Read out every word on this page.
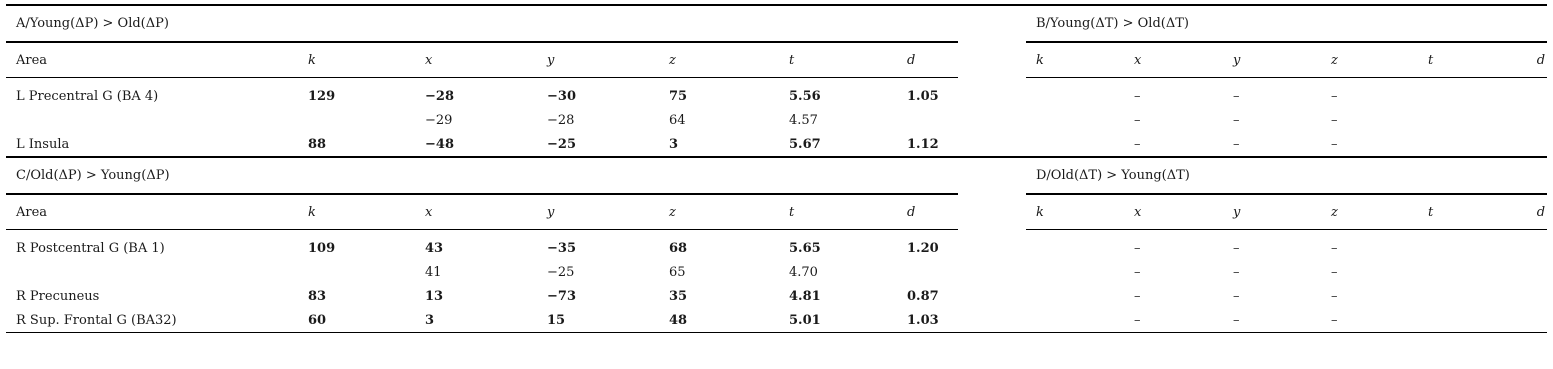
A/Young(ΔP) > Old(ΔP)								B/Young(ΔT) > Old(ΔT)					
Area	k	x	y	z	t	d		k	x	y	z	t	d
L Precentral G (BA 4)	129	−28	−30	75	5.56	1.05			–	–	–		
		−29	−28	64	4.57				–	–	–		
L Insula	88	−48	−25	3	5.67	1.12			–	–	–		
C/Old(ΔP) > Young(ΔP)								D/Old(ΔT) > Young(ΔT)					
Area	k	x	y	z	t	d		k	x	y	z	t	d
R Postcentral G (BA 1)	109	43	−35	68	5.65	1.20			–	–	–		
		41	−25	65	4.70				–	–	–		
R Precuneus	83	13	−73	35	4.81	0.87			–	–	–		
R Sup. Frontal G (BA32)	60	3	15	48	5.01	1.03			–	–	–		
